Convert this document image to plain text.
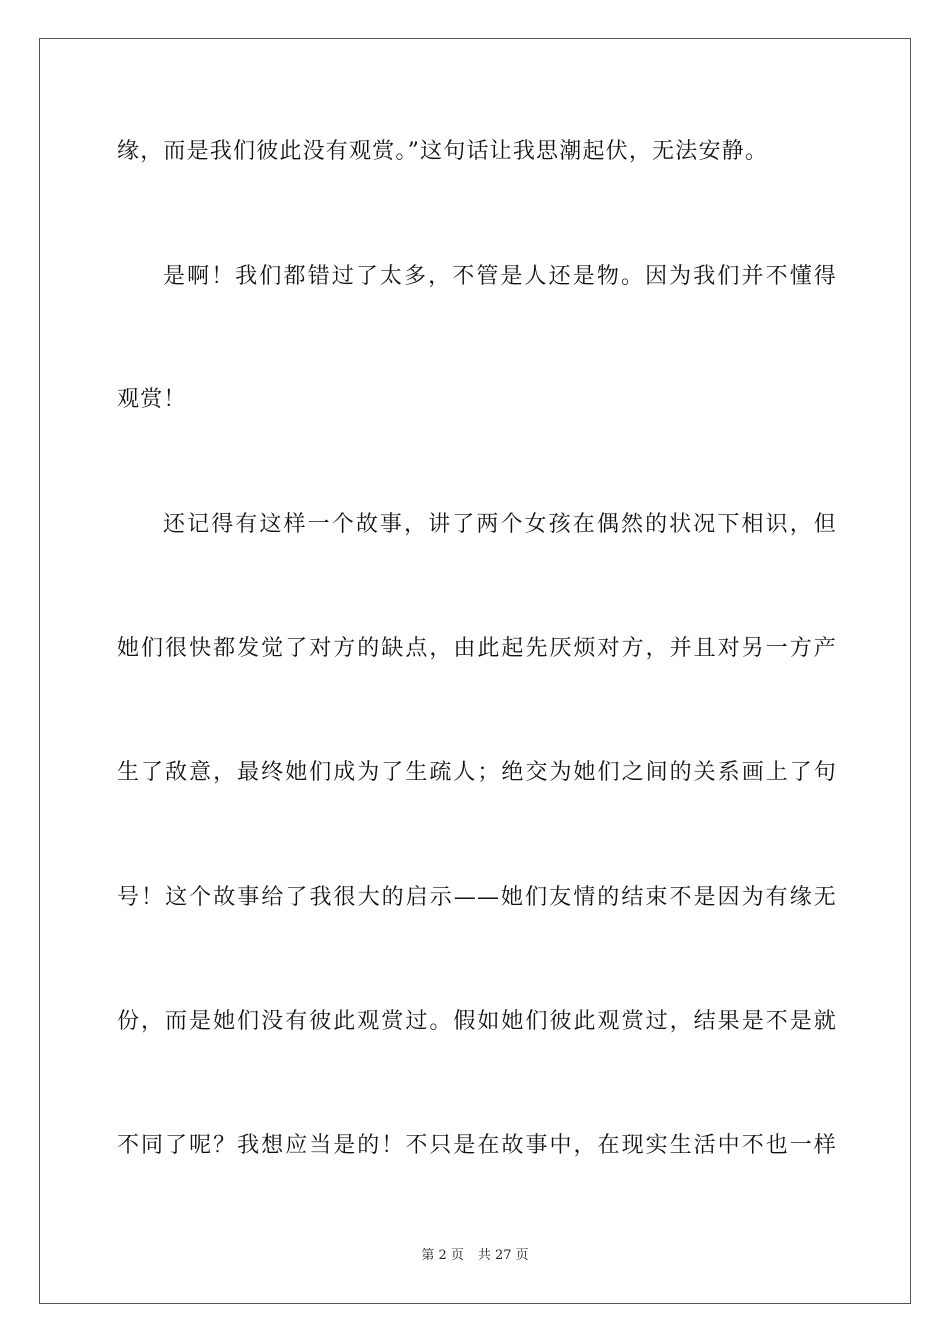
缘，而是我们彼此没有观赏。”这句话让我思潮起伏，无法安静。
是啊！我们都错过了太多，不管是人还是物。因为我们并不懂得
观赏！
还记得有这样一个故事，讲了两个女孩在偶然的状况下相识，但
她们很快都发觉了对方的缺点，由此起先厌烦对方，并且对另一方产
生了敌意，最终她们成为了生疏人；绝交为她们之间的关系画上了句
号！这个故事给了我很大的启示——她们友情的结束不是因为有缘无
份，而是她们没有彼此观赏过。假如她们彼此观赏过，结果是不是就
不同了呢？我想应当是的！不只是在故事中，在现实生活中不也一样
第 2 页 共 27 页
